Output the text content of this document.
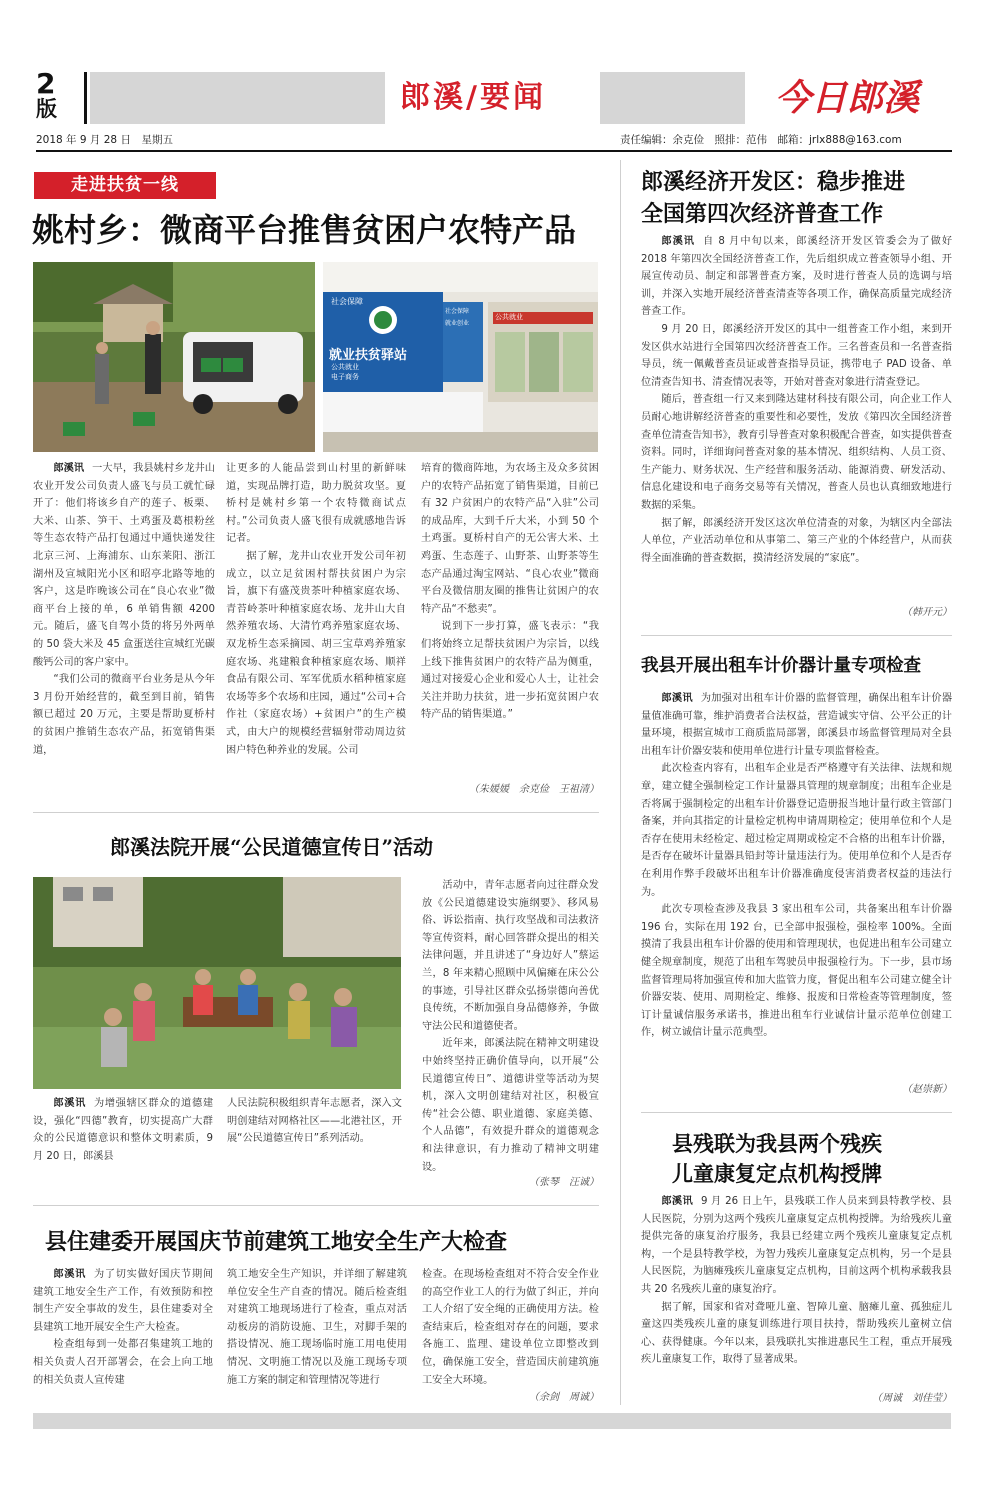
2
版	郎溪/要闻	今日郎溪
2018 年 9 月 28 日　星期五	责任编辑：余克俭　照排：范伟　邮箱：jrlx888@163.com
走进扶贫一线
姚村乡：微商平台推售贫困户农特产品
社会保障
就业扶贫驿站
公共就业
电子商务
社会保障
就业创业
公共就业

郎溪讯 一大早，我县姚村乡龙井山农业开发公司负责人盛飞与员工就忙碌开了：他们将该乡自产的莲子、板栗、大米、山茶、笋干、土鸡蛋及葛根粉丝等生态农特产品打包通过中通快递发往北京三河、上海浦东、山东莱阳、浙江湖州及宣城阳光小区和昭亭北路等地的客户，这是昨晚该公司在“良心农业”微商平台上接的单，6 单销售额 4200 元。随后，盛飞自驾小货的将另外两单的 50 袋大米及 45 盒蛋送往宣城红光碳酸钙公司的客户家中。

“我们公司的微商平台业务是从今年 3 月份开始经营的，截至到目前，销售额已超过 20 万元，主要是帮助夏桥村的贫困户推销生态农产品，拓宽销售渠道，

让更多的人能品尝到山村里的新鲜味道，实现品牌打造，助力脱贫攻坚。夏桥村是姚村乡第一个农特微商试点村。”公司负责人盛飞很有成就感地告诉记者。

据了解，龙井山农业开发公司年初成立，以立足贫困村帮扶贫困户为宗旨，旗下有盛茂贵茶叶种植家庭农场、青苔岭茶叶种植家庭农场、龙井山大自然养殖农场、大清竹鸡养殖家庭农场、双龙桥生态采摘园、胡三宝草鸡养殖家庭农场、兆建粮食种植家庭农场、顺祥食品有限公司、军军优质水稻种植家庭农场等多个农场和庄园，通过“公司+合作社（家庭农场）+贫困户”的生产模式，由大户的规模经营辐射带动周边贫困户特色种养业的发展。公司

培育的微商阵地，为农场主及众多贫困户的农特产品拓宽了销售渠道，目前已有 32 户贫困户的农特产品“入驻”公司的成品库，大到千斤大米，小到 50 个土鸡蛋。夏桥村自产的无公害大米、土鸡蛋、生态莲子、山野茶、山野茶等生态产品通过淘宝网站、“良心农业”微商平台及微信朋友圈的推售让贫困户的农特产品“不愁卖”。

说到下一步打算，盛飞表示：“我们将始终立足帮扶贫困户为宗旨，以线上线下推售贫困户的农特产品为侧重，通过对接爱心企业和爱心人士，让社会关注并助力扶贫，进一步拓宽贫困户农特产品的销售渠道。”

（朱媛媛　余克俭　王祖清）
郎溪法院开展“公民道德宣传日”活动

郎溪讯 为增强辖区群众的道德建设，强化“四德”教育，切实提高广大群众的公民道德意识和整体文明素质，9 月 20 日，郎溪县

人民法院积极组织青年志愿者，深入文明创建结对网格社区——北港社区，开展“公民道德宣传日”系列活动。

活动中，青年志愿者向过往群众发放《公民道德建设实施纲要》、移风易俗、诉讼指南、执行攻坚战和司法救济等宣传资料，耐心回答群众提出的相关法律问题，并且讲述了“身边好人”蔡运兰，8 年来精心照顾中风偏瘫在床公公的事迹，引导社区群众弘扬崇德向善优良传统，不断加强自身品德修养，争做守法公民和道德使者。

近年来，郎溪法院在精神文明建设中始终坚持正确价值导向，以开展“公民道德宣传日”、道德讲堂等活动为契机，深入文明创建结对社区，积极宣传“社会公德、职业道德、家庭美德、个人品德”，有效提升群众的道德观念和法律意识，有力推动了精神文明建设。

（张琴　汪诚）
县住建委开展国庆节前建筑工地安全生产大检查

郎溪讯 为了切实做好国庆节期间建筑工地安全生产工作，有效预防和控制生产安全事故的发生，县住建委对全县建筑工地开展安全生产大检查。

检查组每到一处都召集建筑工地的相关负责人召开部署会，在会上向工地的相关负责人宣传建

筑工地安全生产知识，并详细了解建筑单位安全生产自查的情况。随后检查组对建筑工地现场进行了检查，重点对活动板房的消防设施、卫生，对脚手架的搭设情况、施工现场临时施工用电使用情况、文明施工情况以及施工现场专项施工方案的制定和管理情况等进行

检查。在现场检查组对不符合安全作业的高空作业工人的行为做了纠正，并向工人介绍了安全绳的正确使用方法。检查结束后，检查组对存在的问题，要求各施工、监理、建设单位立即整改到位，确保施工安全，营造国庆前建筑施工安全大环境。

（余剑　周诚）
郎溪经济开发区：稳步推进
全国第四次经济普查工作

郎溪讯 自 8 月中旬以来，郎溪经济开发区管委会为了做好 2018 年第四次全国经济普查工作，先后组织成立普查领导小组、开展宣传动员、制定和部署普查方案，及时进行普查人员的选调与培训，并深入实地开展经济普查清查等各项工作，确保高质量完成经济普查工作。

9 月 20 日，郎溪经济开发区的其中一组普查工作小组，来到开发区供水站进行全国第四次经济普查工作。三名普查员和一名普查指导员，统一佩戴普查员证或普查指导员证，携带电子 PAD 设备、单位清查告知书、清查情况表等，开始对普查对象进行清查登记。

随后，普查组一行又来到隆达建材科技有限公司，向企业工作人员耐心地讲解经济普查的重要性和必要性，发放《第四次全国经济普查单位清查告知书》，教育引导普查对象积极配合普查，如实提供普查资料。同时，详细询问普查对象的基本情况、组织结构、人员工资、生产能力、财务状况、生产经营和服务活动、能源消费、研发活动、信息化建设和电子商务交易等有关情况，普查人员也认真细致地进行数据的采集。

据了解，郎溪经济开发区这次单位清查的对象，为辖区内全部法人单位，产业活动单位和从事第二、第三产业的个体经营户，从而获得全面准确的普查数据，摸清经济发展的“家底”。

（韩开元）
我县开展出租车计价器计量专项检查

郎溪讯 为加强对出租车计价器的监督管理，确保出租车计价器量值准确可靠，维护消费者合法权益，营造诚实守信、公平公正的计量环境，根据宣城市工商质监局部署，郎溪县市场监督管理局对全县出租车计价器安装和使用单位进行计量专项监督检查。

此次检查内容有，出租车企业是否严格遵守有关法律、法规和规章，建立健全强制检定工作计量器具管理的规章制度；出租车企业是否将属于强制检定的出租车计价器登记造册报当地计量行政主管部门备案，并向其指定的计量检定机构申请周期检定；使用单位和个人是否存在使用未经检定、超过检定周期或检定不合格的出租车计价器，是否存在破坏计量器具铅封等计量违法行为。使用单位和个人是否存在利用作弊手段破坏出租车计价器准确度侵害消费者权益的违法行为。

此次专项检查涉及我县 3 家出租车公司，共备案出租车计价器 196 台，实际在用 192 台，已全部申报强检，强检率 100%。全面摸清了我县出租车计价器的使用和管理现状，也促进出租车公司建立健全规章制度，规范了出租车驾驶员申报强检行为。下一步，县市场监督管理局将加强宣传和加大监管力度，督促出租车公司建立健全计价器安装、使用、周期检定、维修、报废和日常检查等管理制度，签订计量诚信服务承诺书，推进出租车行业诚信计量示范单位创建工作，树立诚信计量示范典型。

（赵崇新）
县残联为我县两个残疾
儿童康复定点机构授牌

郎溪讯 9 月 26 日上午，县残联工作人员来到县特教学校、县人民医院，分别为这两个残疾儿童康复定点机构授牌。为给残疾儿童提供完备的康复治疗服务，我县已经建立两个残疾儿童康复定点机构，一个是县特教学校，为智力残疾儿童康复定点机构，另一个是县人民医院，为脑瘫残疾儿童康复定点机构，目前这两个机构承载我县共 20 名残疾儿童的康复治疗。

据了解，国家和省对聋哑儿童、智障儿童、脑瘫儿童、孤独症儿童这四类残疾儿童的康复训练进行项目扶持，帮助残疾儿童树立信心、获得健康。今年以来，县残联扎实推进惠民生工程，重点开展残疾儿童康复工作，取得了显著成果。

（周诚　刘佳莹）
